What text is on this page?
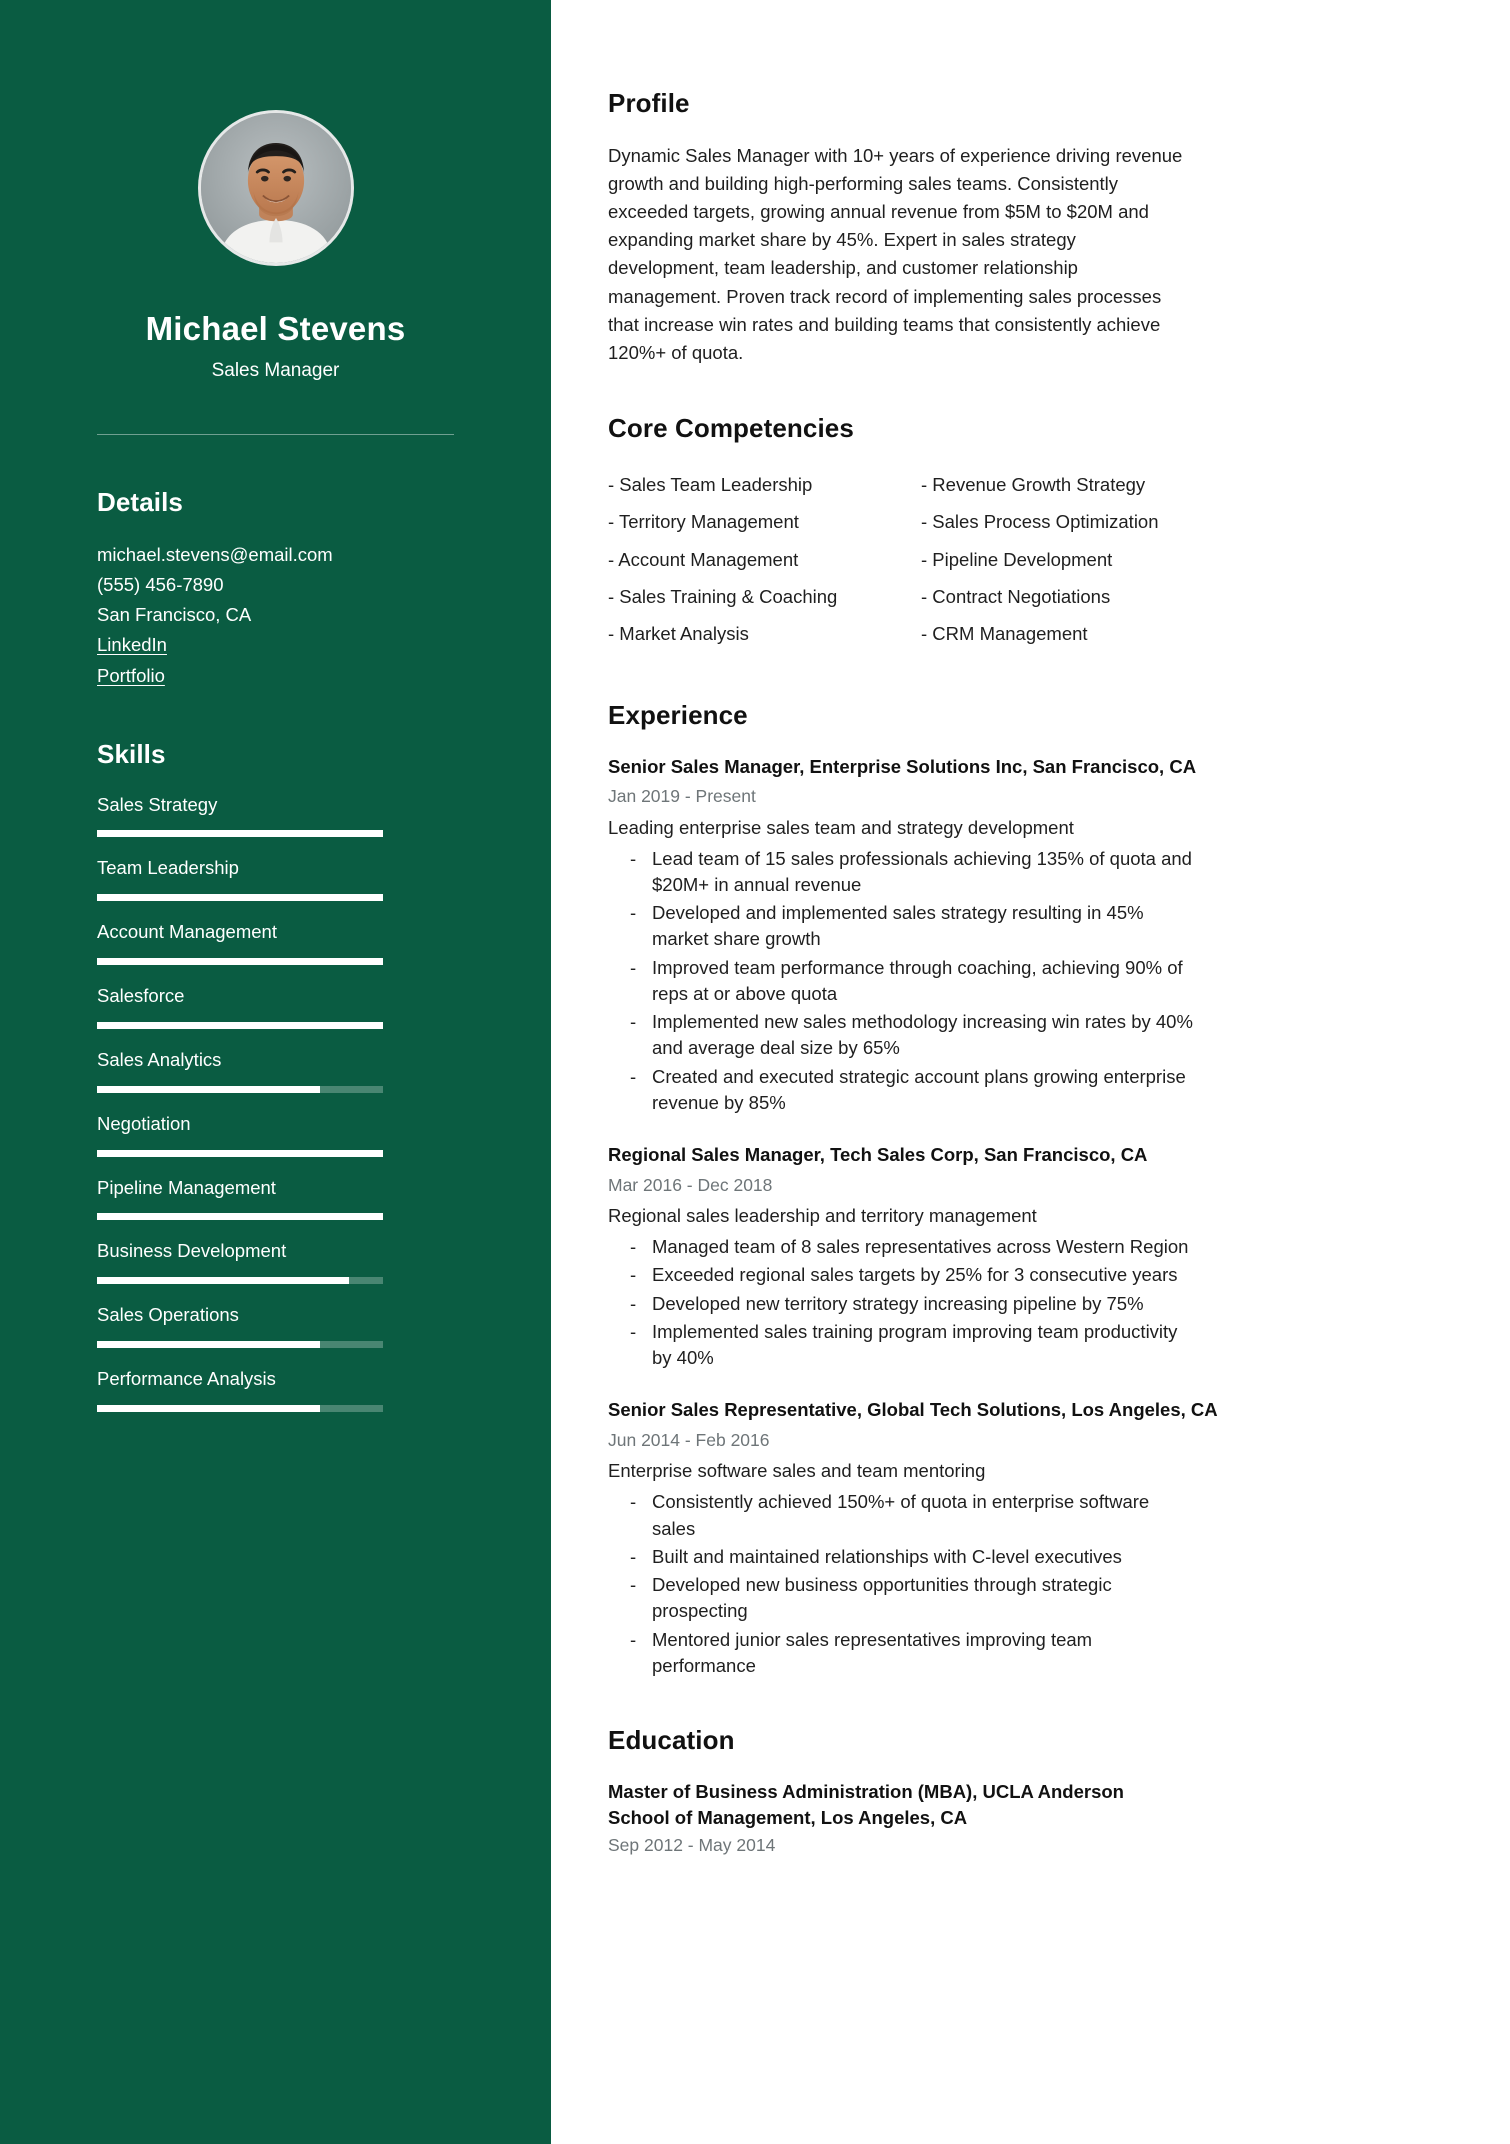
Michael Stevens
Sales Manager
Details
michael.stevens@email.com
(555) 456-7890
San Francisco, CA
LinkedIn
Portfolio
Skills
Sales Strategy
Team Leadership
Account Management
Salesforce
Sales Analytics
Negotiation
Pipeline Management
Business Development
Sales Operations
Performance Analysis
Profile

Dynamic Sales Manager with 10+ years of experience driving revenue growth and building high-performing sales teams. Consistently exceeded targets, growing annual revenue from $5M to $20M and expanding market share by 45%. Expert in sales strategy development, team leadership, and customer relationship management. Proven track record of implementing sales processes that increase win rates and building teams that consistently achieve 120%+ of quota.

Core Competencies
- Sales Team Leadership	- Revenue Growth Strategy
- Territory Management	- Sales Process Optimization
- Account Management	- Pipeline Development
- Sales Training & Coaching	- Contract Negotiations
- Market Analysis	- CRM Management
Experience
Senior Sales Manager, Enterprise Solutions Inc, San Francisco, CA
Jan 2019 - Present
Leading enterprise sales team and strategy development
- Lead team of 15 sales professionals achieving 135% of quota and $20M+ in annual revenue
- Developed and implemented sales strategy resulting in 45% market share growth
- Improved team performance through coaching, achieving 90% of reps at or above quota
- Implemented new sales methodology increasing win rates by 40% and average deal size by 65%
- Created and executed strategic account plans growing enterprise revenue by 85%
Regional Sales Manager, Tech Sales Corp, San Francisco, CA
Mar 2016 - Dec 2018
Regional sales leadership and territory management
- Managed team of 8 sales representatives across Western Region
- Exceeded regional sales targets by 25% for 3 consecutive years
- Developed new territory strategy increasing pipeline by 75%
- Implemented sales training program improving team productivity by 40%
Senior Sales Representative, Global Tech Solutions, Los Angeles, CA
Jun 2014 - Feb 2016
Enterprise software sales and team mentoring
- Consistently achieved 150%+ of quota in enterprise software sales
- Built and maintained relationships with C-level executives
- Developed new business opportunities through strategic prospecting
- Mentored junior sales representatives improving team performance
Education
Master of Business Administration (MBA), UCLA Anderson School of Management, Los Angeles, CA
Sep 2012 - May 2014
